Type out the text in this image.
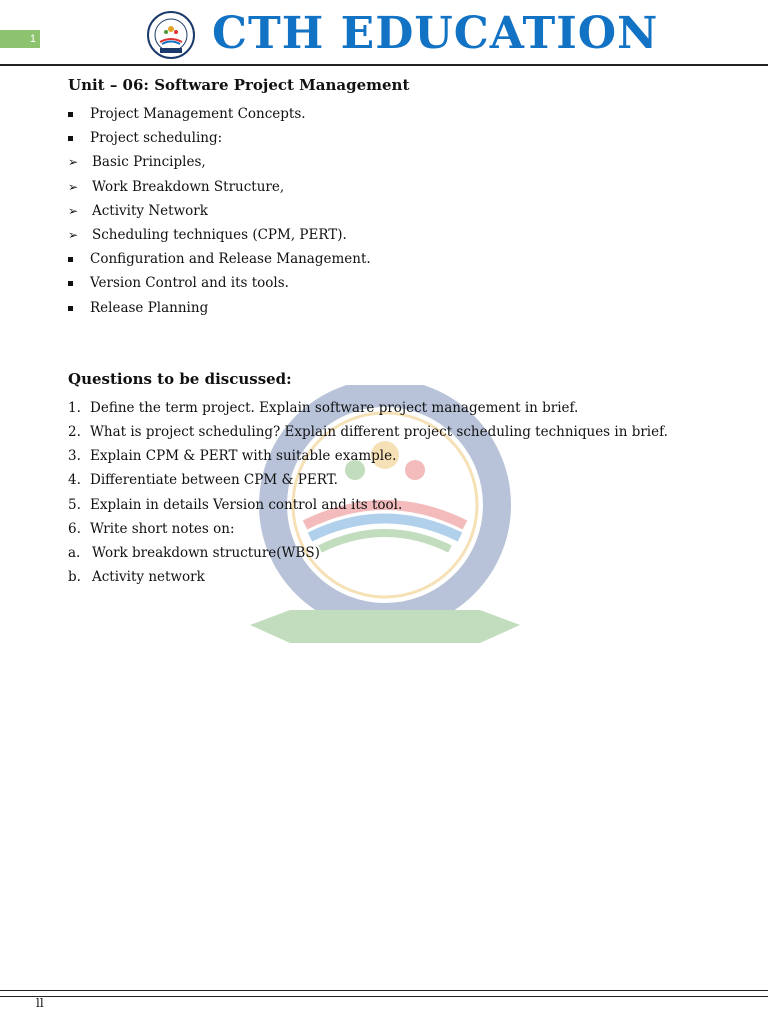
1	CTH EDUCATION
Unit – 06: Software Project Management
Project Management Concepts.
Project scheduling:
➢ Basic Principles,
➢ Work Breakdown Structure,
➢ Activity Network
➢ Scheduling techniques (CPM, PERT).
Configuration and Release Management.
Version Control and its tools.
Release Planning
Questions to be discussed:
1. Define the term project. Explain software project management in brief.
2. What is project scheduling? Explain different project scheduling techniques in brief.
3. Explain CPM & PERT with suitable example.
4. Differentiate between CPM & PERT.
5. Explain in details Version control and its tool.
6. Write short notes on:
a. Work breakdown structure(WBS)
b. Activity network
ll
